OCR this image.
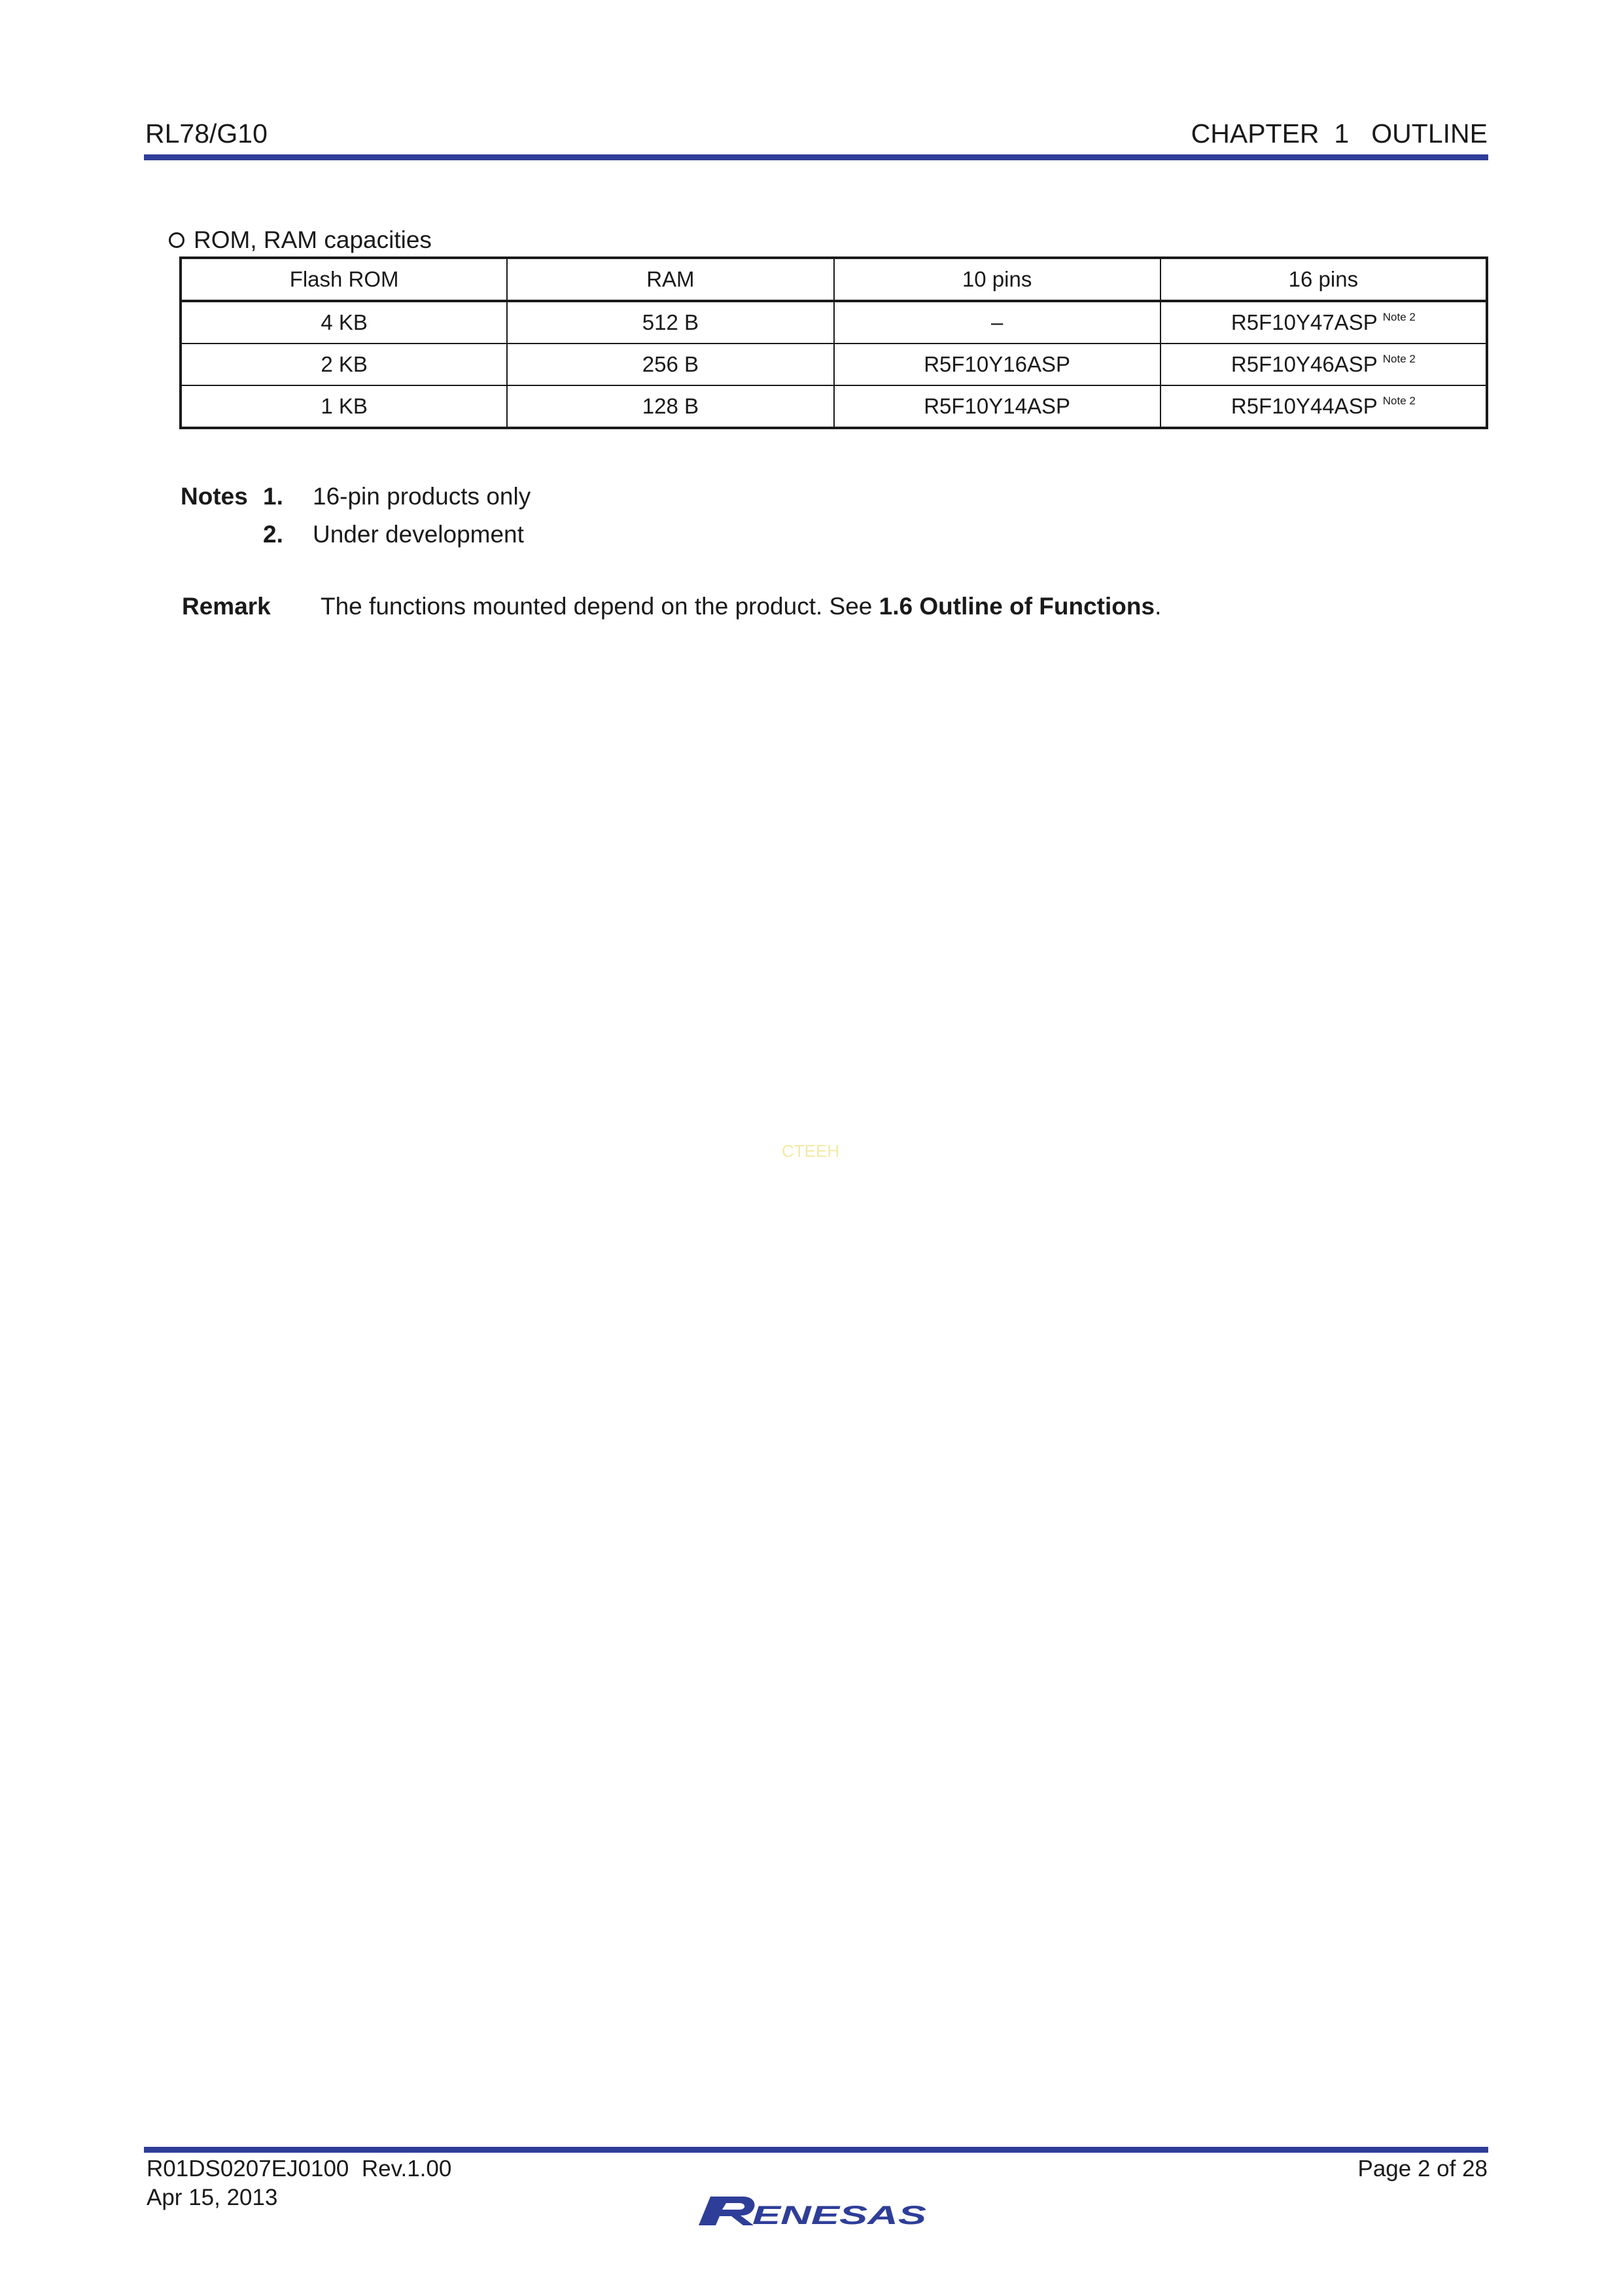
RL78/G10	CHAPTER  1   OUTLINE
ROM, RAM capacities
Flash ROM	RAM	10 pins	16 pins
4 KB	512 B	–	R5F10Y47ASP $^{Note 2}$
2 KB	256 B	R5F10Y16ASP	R5F10Y46ASP $^{Note 2}$
1 KB	128 B	R5F10Y14ASP	R5F10Y44ASP $^{Note 2}$
Notes 1.	16-pin products only
2.	Under development
Remark	The functions mounted depend on the product. See 1.6 Outline of Functions.
CTEEH
R01DS0207EJ0100  Rev.1.00
Apr 15, 2013
Page 2 of 28
ENESAS
